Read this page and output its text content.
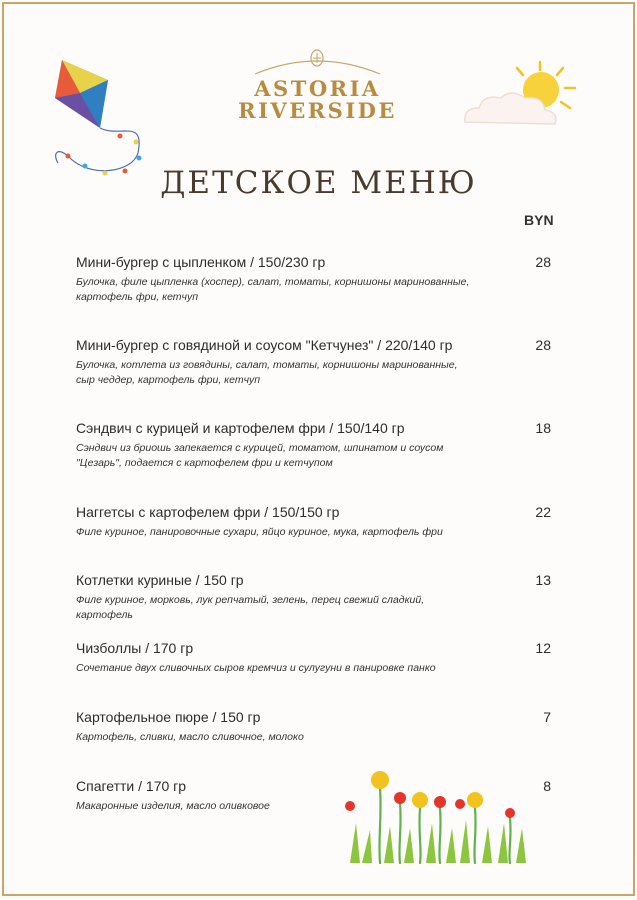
ASTORIA
RIVERSIDE
ДЕТСКОЕ МЕНЮ
BYN
Мини-бургер с цыпленком / 150/230 гр
Булочка, филе цыпленка (хоспер), салат, томаты, корнишоны маринованные, картофель фри, кетчуп
28
Мини-бургер с говядиной и соусом "Кетчунез" / 220/140 гр
Булочка, котлета из говядины, салат, томаты, корнишоны маринованные, сыр чеддер, картофель фри, кетчуп
28
Сэндвич с курицей и картофелем фри / 150/140 гр
Сэндвич из бриошь запекается с курицей, томатом, шпинатом и соусом "Цезарь", подается с картофелем фри и кетчупом
18
Наггетсы с картофелем фри / 150/150 гр
Филе куриное, панировочные сухари, яйцо куриное, мука, картофель фри
22
Котлетки куриные / 150 гр
Филе куриное, морковь, лук репчатый, зелень, перец свежий сладкий, картофель
13
Чизболлы / 170 гр
Сочетание двух сливочных сыров кремчиз и сулугуни в панировке панко
12
Картофельное пюре / 150 гр
Картофель, сливки, масло сливочное, молоко
7
Спагетти / 170 гр
Макаронные изделия, масло оливковое
8
